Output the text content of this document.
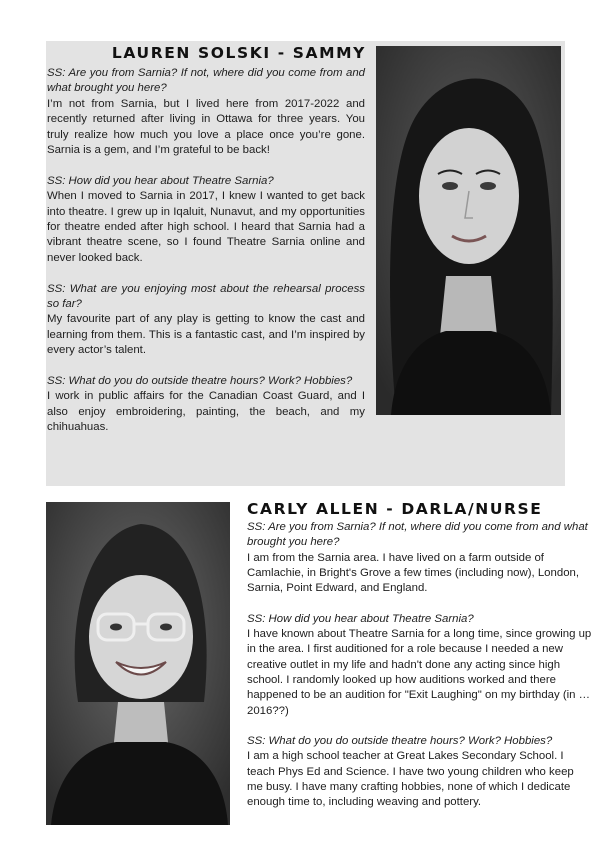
LAUREN SOLSKI - SAMMY

SS: Are you from Sarnia? If not, where did you come from and what brought you here?

I’m not from Sarnia, but I lived here from 2017-2022 and recently returned after living in Ottawa for three years. You truly realize how much you love a place once you’re gone. Sarnia is a gem, and I’m grateful to be back!

SS: How did you hear about Theatre Sarnia?

When I moved to Sarnia in 2017, I knew I wanted to get back into theatre. I grew up in Iqaluit, Nunavut, and my opportunities for theatre ended after high school. I heard that Sarnia had a vibrant theatre scene, so I found Theatre Sarnia online and never looked back.

SS: What are you enjoying most about the rehearsal process so far?

My favourite part of any play is getting to know the cast and learning from them. This is a fantastic cast, and I’m inspired by every actor’s talent.

SS: What do you do outside theatre hours? Work? Hobbies?

I work in public affairs for the Canadian Coast Guard, and I also enjoy embroidering, painting, the beach, and my chihuahuas.

CARLY ALLEN - DARLA/NURSE

SS: Are you from Sarnia? If not, where did you come from and what brought you here?

I am from the Sarnia area. I have lived on a farm outside of Camlachie, in Bright's Grove a few times (including now), London, Sarnia, Point Edward, and England.

SS: How did you hear about Theatre Sarnia?

I have known about Theatre Sarnia for a long time, since growing up in the area. I first auditioned for a role because I needed a new creative outlet in my life and hadn't done any acting since high school. I randomly looked up how auditions worked and there happened to be an audition for "Exit Laughing" on my birthday (in … 2016??)

SS: What do you do outside theatre hours? Work? Hobbies?

I am a high school teacher at Great Lakes Secondary School. I teach Phys Ed and Science. I have two young children who keep me busy. I have many crafting hobbies, none of which I dedicate enough time to, including weaving and pottery.
